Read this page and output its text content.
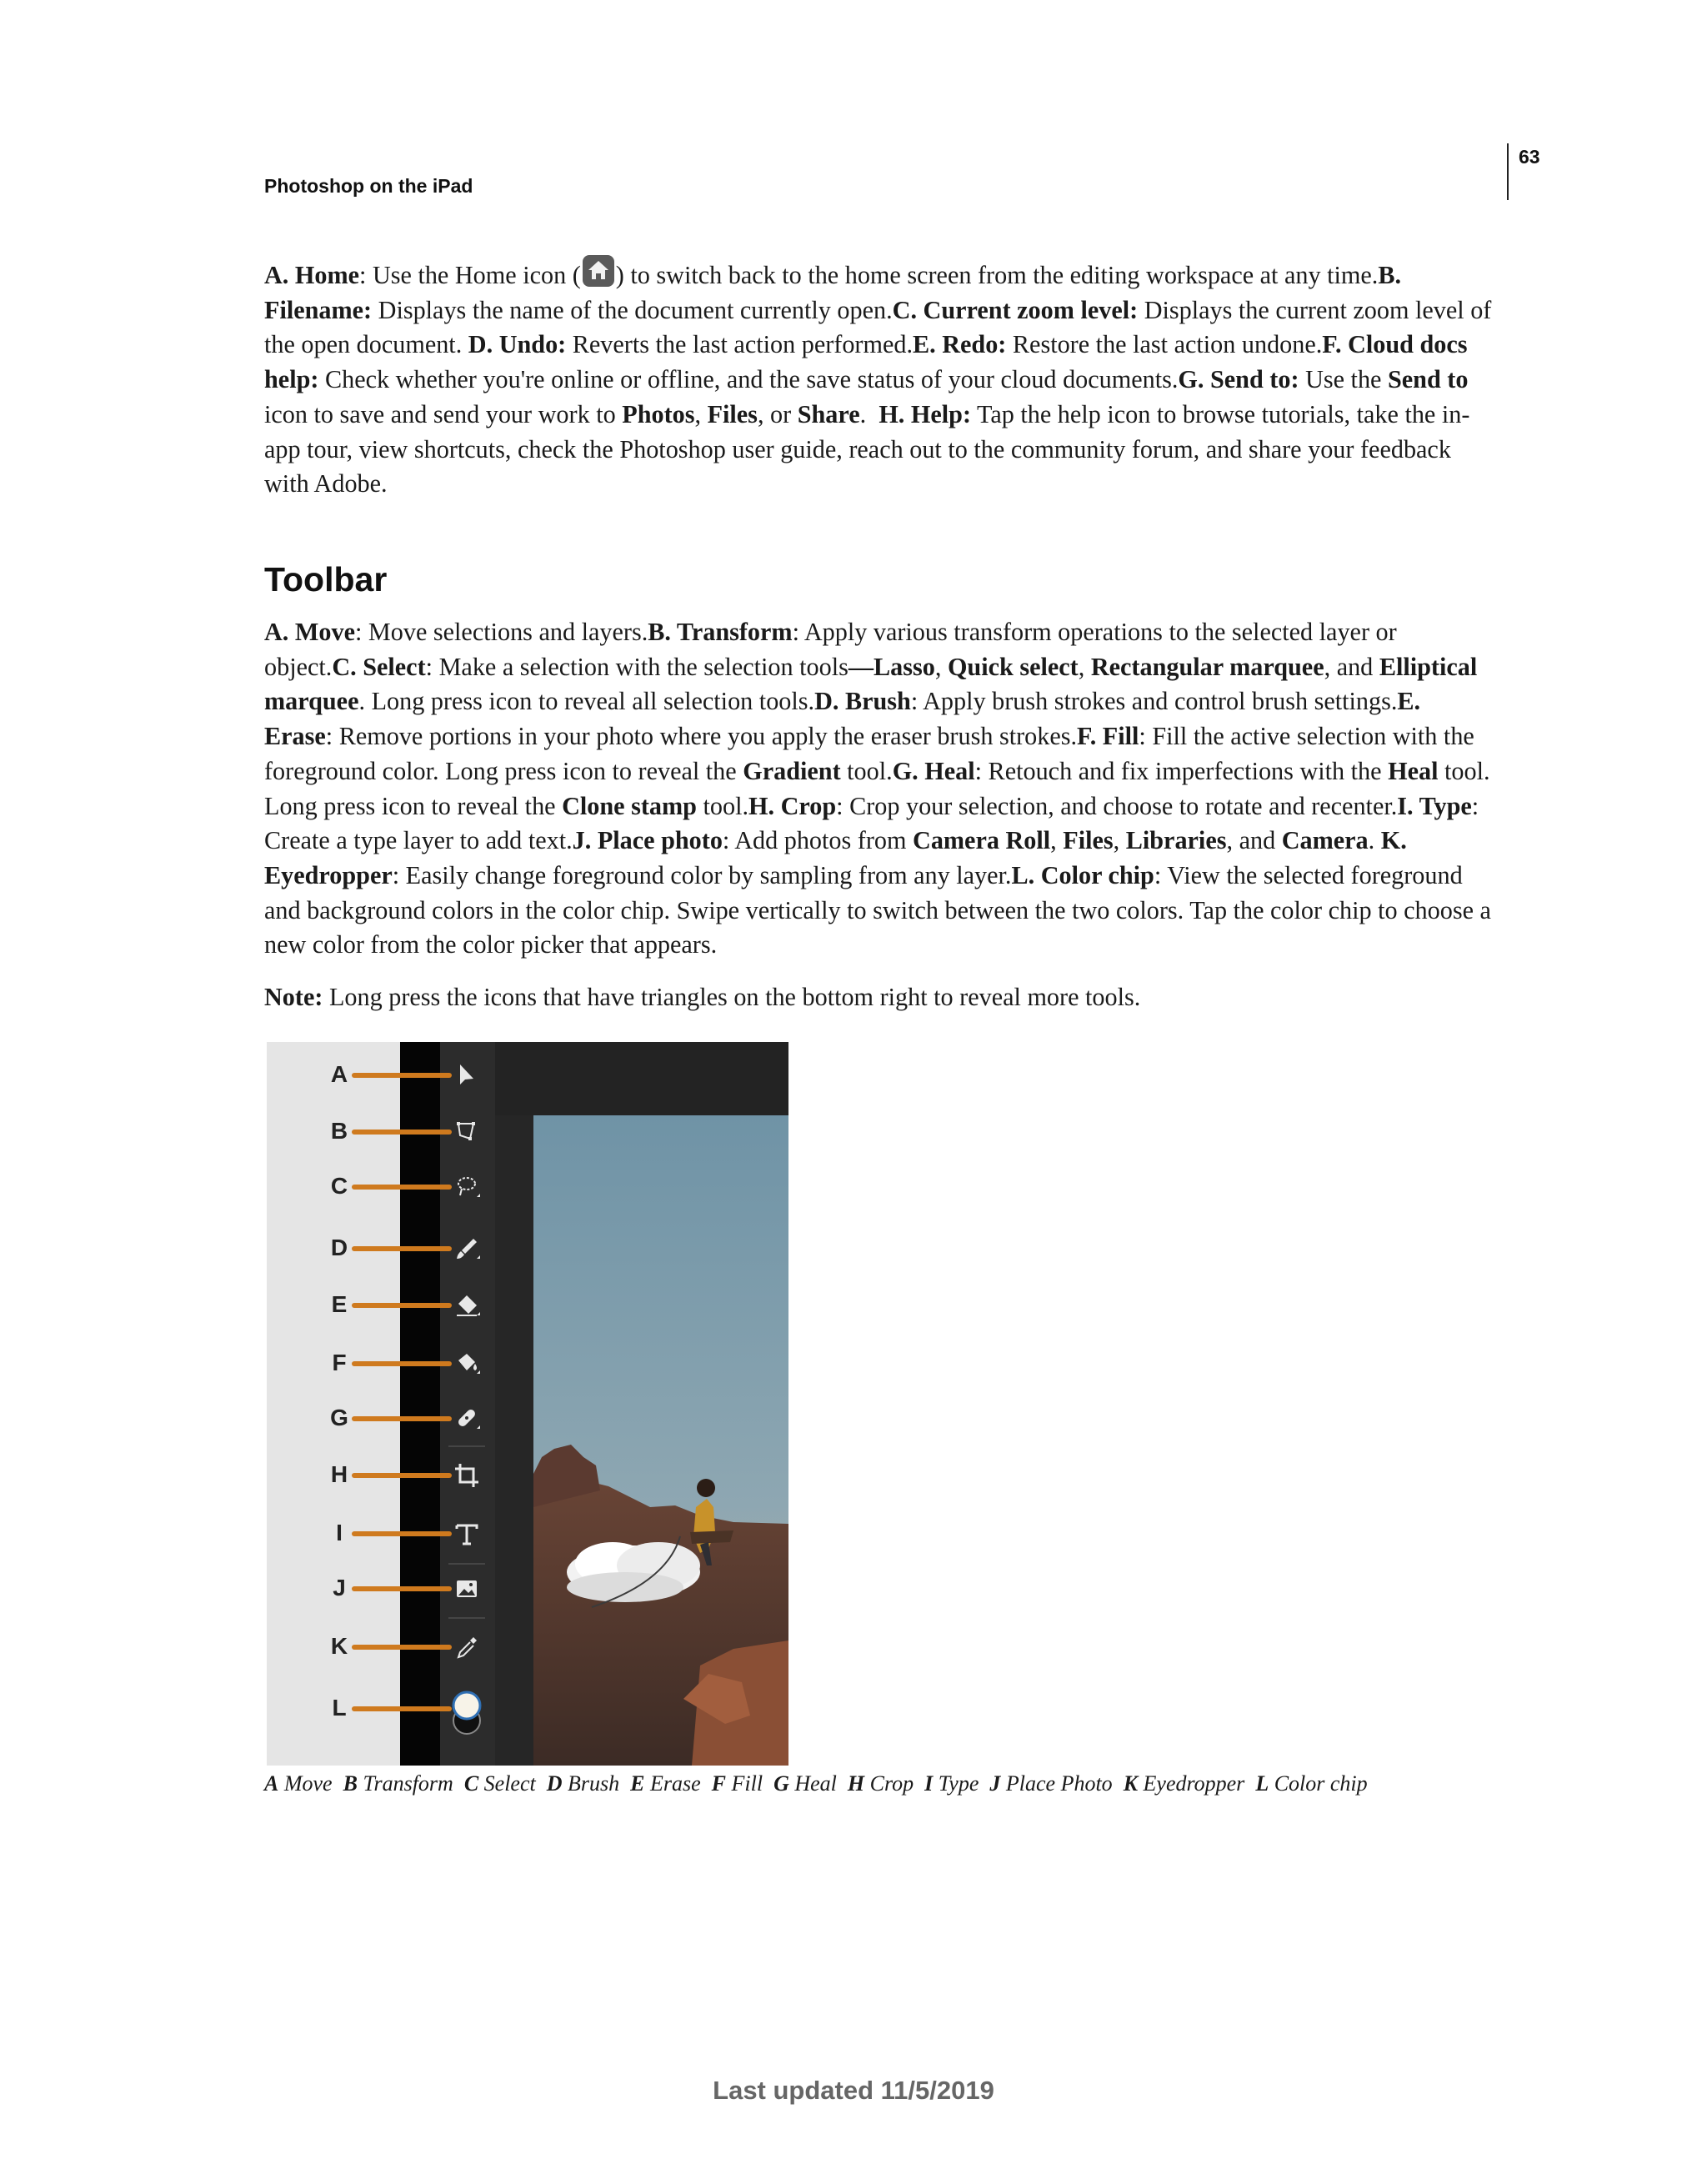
Photoshop on the iPad
63

A. Home: Use the Home icon ( ) to switch back to the home screen from the editing workspace at any time.B. Filename: Displays the name of the document currently open.C. Current zoom level: Displays the current zoom level of the open document. D. Undo: Reverts the last action performed.E. Redo: Restore the last action undone.F. Cloud docs help: Check whether you're online or offline, and the save status of your cloud documents.G. Send to: Use the Send to icon to save and send your work to Photos, Files, or Share.  H. Help: Tap the help icon to browse tutorials, take the in-app tour, view shortcuts, check the Photoshop user guide, reach out to the community forum, and share your feedback with Adobe.

Toolbar

A. Move: Move selections and layers.B. Transform: Apply various transform operations to the selected layer or object.C. Select: Make a selection with the selection tools—Lasso, Quick select, Rectangular marquee, and Elliptical marquee. Long press icon to reveal all selection tools.D. Brush: Apply brush strokes and control brush settings.E. Erase: Remove portions in your photo where you apply the eraser brush strokes.F. Fill: Fill the active selection with the foreground color. Long press icon to reveal the Gradient tool.G. Heal: Retouch and fix imperfections with the Heal tool. Long press icon to reveal the Clone stamp tool.H. Crop: Crop your selection, and choose to rotate and recenter.I. Type: Create a type layer to add text.J. Place photo: Add photos from Camera Roll, Files, Libraries, and Camera. K. Eyedropper: Easily change foreground color by sampling from any layer.L. Color chip: View the selected foreground and background colors in the color chip. Swipe vertically to switch between the two colors. Tap the color chip to choose a new color from the color picker that appears.

Note: Long press the icons that have triangles on the bottom right to reveal more tools.

A
B
C
D
E
F
G
H
I
J
K
L
A Move B Transform C Select D Brush E Erase F Fill G Heal H Crop I Type J Place Photo K Eyedropper L Color chip
Last updated 11/5/2019
